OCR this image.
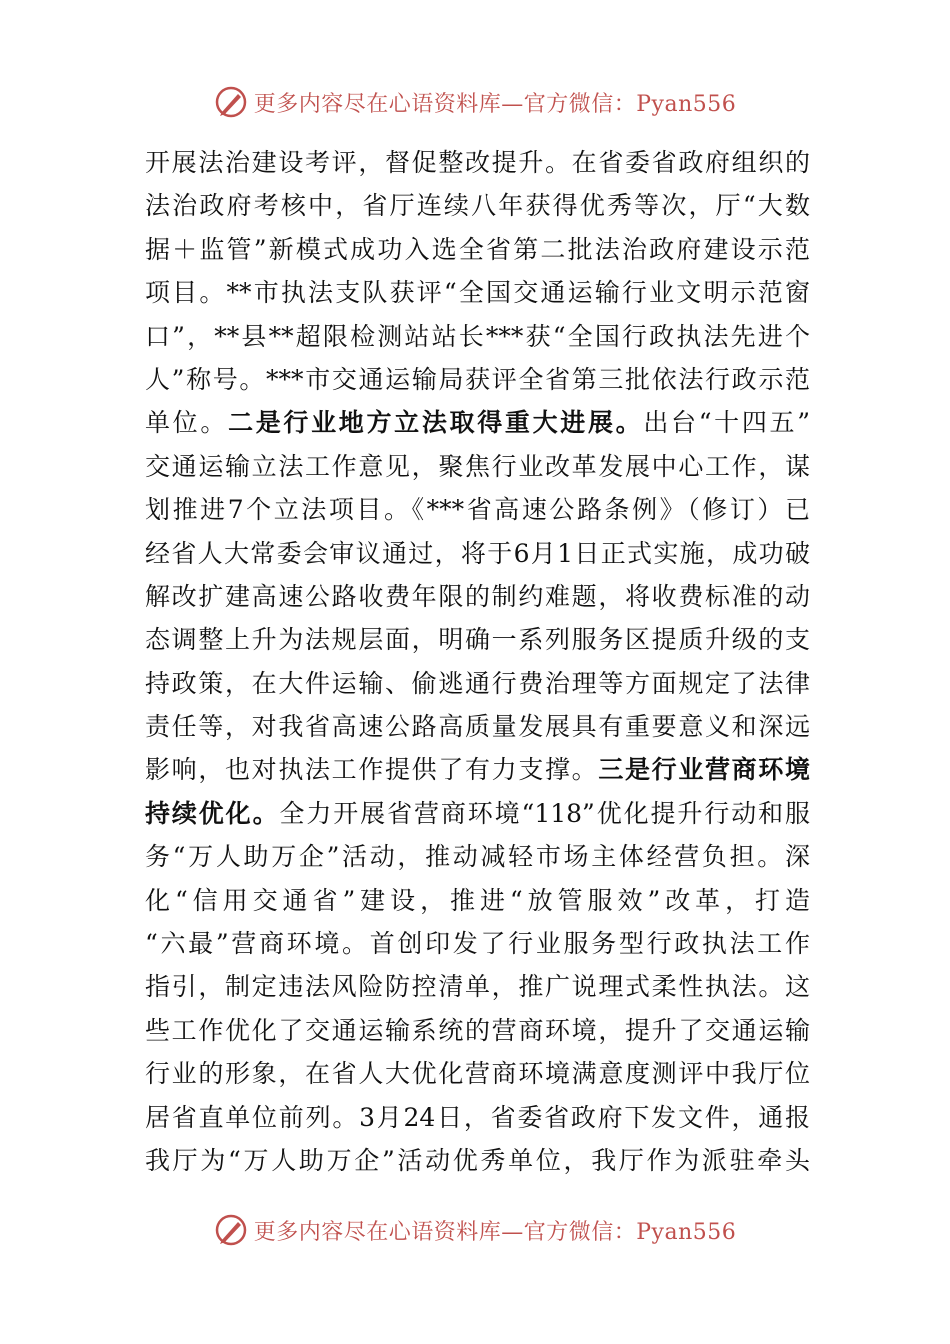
更多内容尽在心语资料库—官方微信：Pyan556
开展法治建设考评，督促整改提升。在省委省政府组织的
法治政府考核中，省厅连续八年获得优秀等次，厅“大数
据＋监管”新模式成功入选全省第二批法治政府建设示范
项目。**市执法支队获评“全国交通运输行业文明示范窗
口”，**县**超限检测站站长***获“全国行政执法先进个
人”称号。***市交通运输局获评全省第三批依法行政示范
单位。二是行业地方立法取得重大进展。出台“十四五”
交通运输立法工作意见，聚焦行业改革发展中心工作，谋
划推进7个立法项目。《***省高速公路条例》（修订）已
经省人大常委会审议通过，将于6月1日正式实施，成功破
解改扩建高速公路收费年限的制约难题，将收费标准的动
态调整上升为法规层面，明确一系列服务区提质升级的支
持政策，在大件运输、偷逃通行费治理等方面规定了法律
责任等，对我省高速公路高质量发展具有重要意义和深远
影响，也对执法工作提供了有力支撑。三是行业营商环境
持续优化。全力开展省营商环境“118”优化提升行动和服
务“万人助万企”活动，推动减轻市场主体经营负担。深
化“信用交通省”建设，推进“放管服效”改革，打造
“六最”营商环境。首创印发了行业服务型行政执法工作
指引，制定违法风险防控清单，推广说理式柔性执法。这
些工作优化了交通运输系统的营商环境，提升了交通运输
行业的形象，在省人大优化营商环境满意度测评中我厅位
居省直单位前列。3月24日，省委省政府下发文件，通报
我厅为“万人助万企”活动优秀单位，我厅作为派驻牵头
更多内容尽在心语资料库—官方微信：Pyan556
